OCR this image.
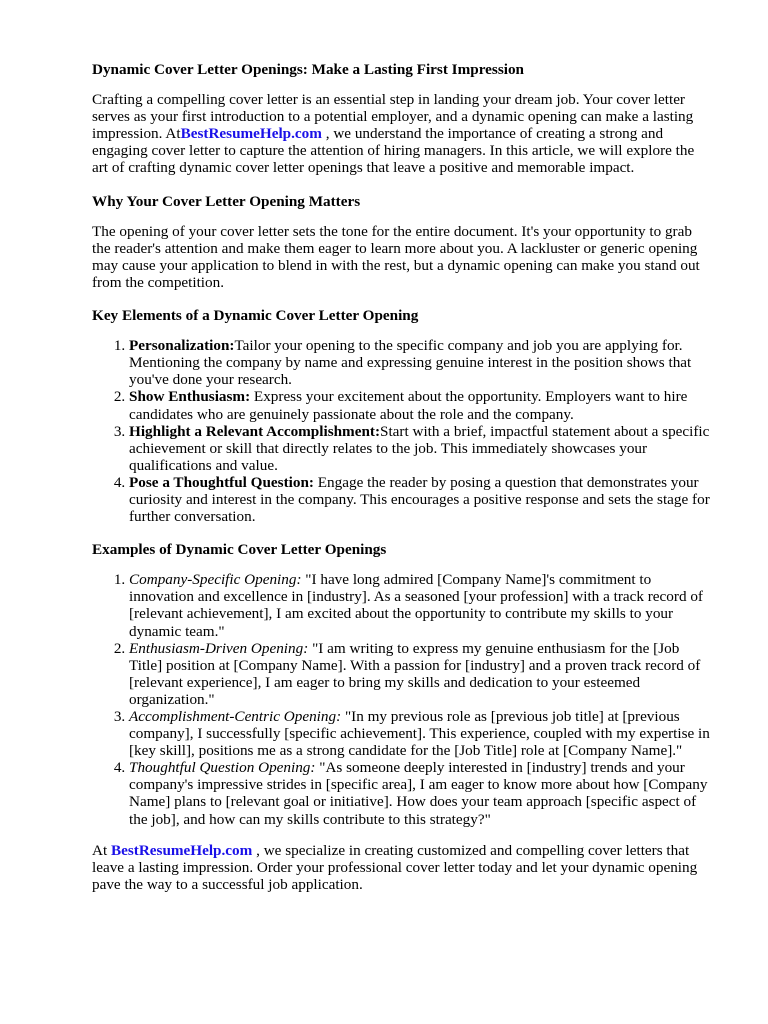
Dynamic Cover Letter Openings: Make a Lasting First Impression

Crafting a compelling cover letter is an essential step in landing your dream job. Your cover letter serves as your first introduction to a potential employer, and a dynamic opening can make a lasting impression. AtBestResumeHelp.com , we understand the importance of creating a strong and engaging cover letter to capture the attention of hiring managers. In this article, we will explore the art of crafting dynamic cover letter openings that leave a positive and memorable impact.

Why Your Cover Letter Opening Matters

The opening of your cover letter sets the tone for the entire document. It's your opportunity to grab the reader's attention and make them eager to learn more about you. A lackluster or generic opening may cause your application to blend in with the rest, but a dynamic opening can make you stand out from the competition.

Key Elements of a Dynamic Cover Letter Opening
1. Personalization:Tailor your opening to the specific company and job you are applying for. Mentioning the company by name and expressing genuine interest in the position shows that you've done your research.
2. Show Enthusiasm: Express your excitement about the opportunity. Employers want to hire candidates who are genuinely passionate about the role and the company.
3. Highlight a Relevant Accomplishment:Start with a brief, impactful statement about a specific achievement or skill that directly relates to the job. This immediately showcases your qualifications and value.
4. Pose a Thoughtful Question: Engage the reader by posing a question that demonstrates your curiosity and interest in the company. This encourages a positive response and sets the stage for further conversation.
Examples of Dynamic Cover Letter Openings
1. Company-Specific Opening: "I have long admired [Company Name]'s commitment to innovation and excellence in [industry]. As a seasoned [your profession] with a track record of [relevant achievement], I am excited about the opportunity to contribute my skills to your dynamic team."
2. Enthusiasm-Driven Opening: "I am writing to express my genuine enthusiasm for the [Job Title] position at [Company Name]. With a passion for [industry] and a proven track record of [relevant experience], I am eager to bring my skills and dedication to your esteemed organization."
3. Accomplishment-Centric Opening: "In my previous role as [previous job title] at [previous company], I successfully [specific achievement]. This experience, coupled with my expertise in [key skill], positions me as a strong candidate for the [Job Title] role at [Company Name]."
4. Thoughtful Question Opening: "As someone deeply interested in [industry] trends and your company's impressive strides in [specific area], I am eager to know more about how [Company Name] plans to [relevant goal or initiative]. How does your team approach [specific aspect of the job], and how can my skills contribute to this strategy?"

At BestResumeHelp.com , we specialize in creating customized and compelling cover letters that leave a lasting impression. Order your professional cover letter today and let your dynamic opening pave the way to a successful job application.
